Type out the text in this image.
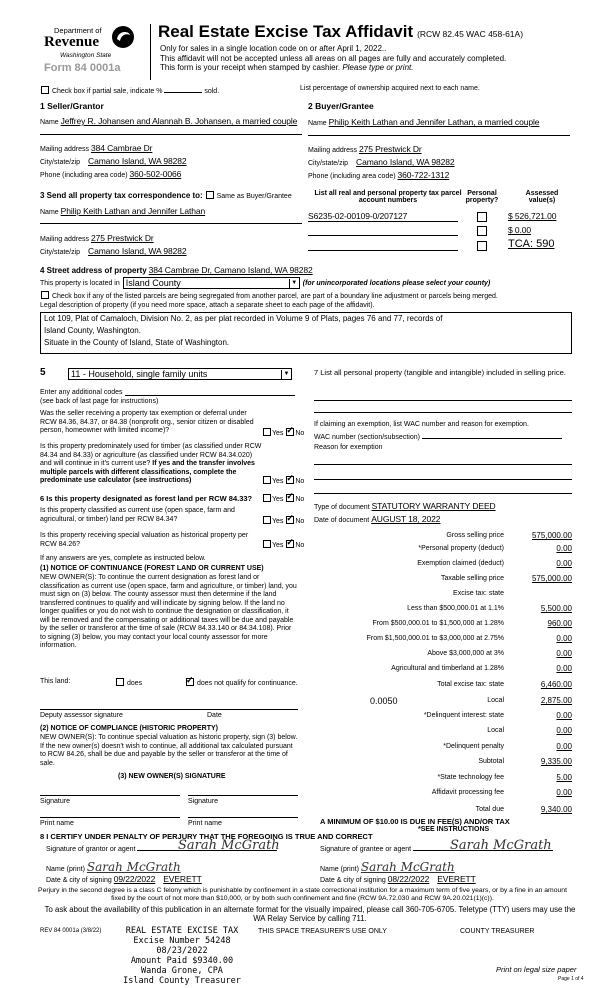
Department of
Revenue
Washington State
Form 84 0001a
Real Estate Excise Tax Affidavit (RCW 82.45 WAC 458-61A)
Only for sales in a single location code on or after April 1, 2022..
This affidavit will not be accepted unless all areas on all pages are fully and accurately completed.
This form is your receipt when stamped by cashier. Please type or print.
Check box if partial sale, indicate %	sold.	List percentage of ownership acquired next to each name.
1 Seller/Grantor
Name Jeffrey R. Johansen and Alannah B. Johansen, a married couple
Mailing address 384 Cambrae Dr
City/state/zip Camano Island, WA 98282
Phone (including area code) 360-502-0066
2 Buyer/Grantee
Name Philip Keith Lathan and Jennifer Lathan, a married couple
Mailing address 275 Prestwick Dr
City/state/zip Camano Island, WA 98282
Phone (including area code) 360-722-1312
3 Send all property tax correspondence to: Same as Buyer/Grantee
Name Philip Keith Lathan and Jennifer Lathan
Mailing address 275 Prestwick Dr
City/state/zip Camano Island, WA 98282
List all real and personal property tax parcel account numbers
Personal property?
Assessed value(s)
S6235-02-00109-0/207127	$ 526,721.00
$ 0.00
TCA: 590
4 Street address of property 384 Cambrae Dr, Camano Island, WA 98282
This property is located in Island County	▼ (for unincorporated locations please select your county)
Check box if any of the listed parcels are being segregated from another parcel, are part of a boundary line adjustment or parcels being merged.
Legal description of property (if you need more space, attach a separate sheet to each page of the affidavit).
Lot 109, Plat of Camaloch, Division No. 2, as per plat recorded in Volume 9 of Plats, pages 76 and 77, records of
Island County, Washington.
Situate in the County of Island, State of Washington.
5	11 - Household, single family units	▼
Enter any additional codes
(see back of last page for instructions)
Was the seller receiving a property tax exemption or deferral under RCW 84.36, 84.37, or 84.38 (nonprofit org., senior citizen or disabled person, homeowner with limited income)?	Yes ✓ No
Is this property predominately used for timber (as classified under RCW 84.34 and 84.33) or agriculture (as classified under RCW 84.34.020) and will continue in it's current use? If yes and the transfer involves multiple parcels with different classifications, complete the predominate use calculator (see instructions)	Yes ✓ No
6 Is this property designated as forest land per RCW 84.33?	Yes ✓ No
Is this property classified as current use (open space, farm and agricultural, or timber) land per RCW 84.34?	Yes ✓ No
Is this property receiving special valuation as historical property per RCW 84.26?	Yes ✓ No
If any answers are yes, complete as instructed below.
(1) NOTICE OF CONTINUANCE (FOREST LAND OR CURRENT USE)
NEW OWNER(S): To continue the current designation as forest land or classification as current use (open space, farm and agriculture, or timber) land, you must sign on (3) below. The county assessor must then determine if the land transferred continues to qualify and will indicate by signing below. If the land no longer qualifies or you do not wish to continue the designation or classification, it will be removed and the compensating or additional taxes will be due and payable by the seller or transferor at the time of sale (RCW 84.33.140 or 84.34.108). Prior to signing (3) below, you may contact your local county assessor for more information.
This land:	does ✓	does not qualify for continuance.
Deputy assessor signature	Date
(2) NOTICE OF COMPLIANCE (HISTORIC PROPERTY)
NEW OWNER(S): To continue special valuation as historic property, sign (3) below. If the new owner(s) doesn't wish to continue, all additional tax calculated pursuant to RCW 84.26, shall be due and payable by the seller or transferor at the time of sale.
(3) NEW OWNER(S) SIGNATURE
Signature	Signature
Print name	Print name
7 List all personal property (tangible and intangible) included in selling price.
If claiming an exemption, list WAC number and reason for exemption.
WAC number (section/subsection)
Reason for exemption
Type of document STATUTORY WARRANTY DEED
Date of document AUGUST 18, 2022
Gross selling price	575,000.00
*Personal property (deduct)	0.00
Exemption claimed (deduct)	0.00
Taxable selling price	575,000.00
Excise tax: state
Less than $500,000.01 at 1.1%	5,500.00
From $500,000.01 to $1,500,000 at 1.28%	960.00
From $1,500,000.01 to $3,000,000 at 2.75%	0.00
Above $3,000,000 at 3%	0.00
Agricultural and timberland at 1.28%	0.00
Total excise tax: state	6,460.00
0.0050	Local	2,875.00
*Delinquent interest: state	0.00
Local	0.00
*Delinquent penalty	0.00
Subtotal	9,335.00
*State technology fee	5.00
Affidavit processing fee	0.00
Total due	9,340.00
A MINIMUM OF $10.00 IS DUE IN FEE(S) AND/OR TAX
*SEE INSTRUCTIONS
8 I CERTIFY UNDER PENALTY OF PERJURY THAT THE FOREGOING IS TRUE AND CORRECT
Signature of grantor or agent	Sarah McGrath
Name (print) Sarah McGrath
Date & city of signing 09/22/2022 EVERETT
Signature of grantee or agent	Sarah McGrath
Name (print) Sarah McGrath
Date & city of signing 08/22/2022 EVERETT
Perjury in the second degree is a class C felony which is punishable by confinement in a state correctional institution for a maximum term of five years, or by a fine in an amount fixed by the court of not more than $10,000, or by both such confinement and fine (RCW 9A.72.030 and RCW 9A.20.021(1)(c)).
To ask about the availability of this publication in an alternate format for the visually impaired, please call 360-705-6705. Teletype (TTY) users may use the WA Relay Service by calling 711.
REV 84 0001a (3/8/22)	REAL ESTATE EXCISE TAX
Excise Number 54248
08/23/2022
Amount Paid $9340.00
Wanda Grone, CPA
Island County Treasurer
THIS SPACE TREASURER'S USE ONLY	COUNTY TREASURER
Print on legal size paper
Page 1 of 4
